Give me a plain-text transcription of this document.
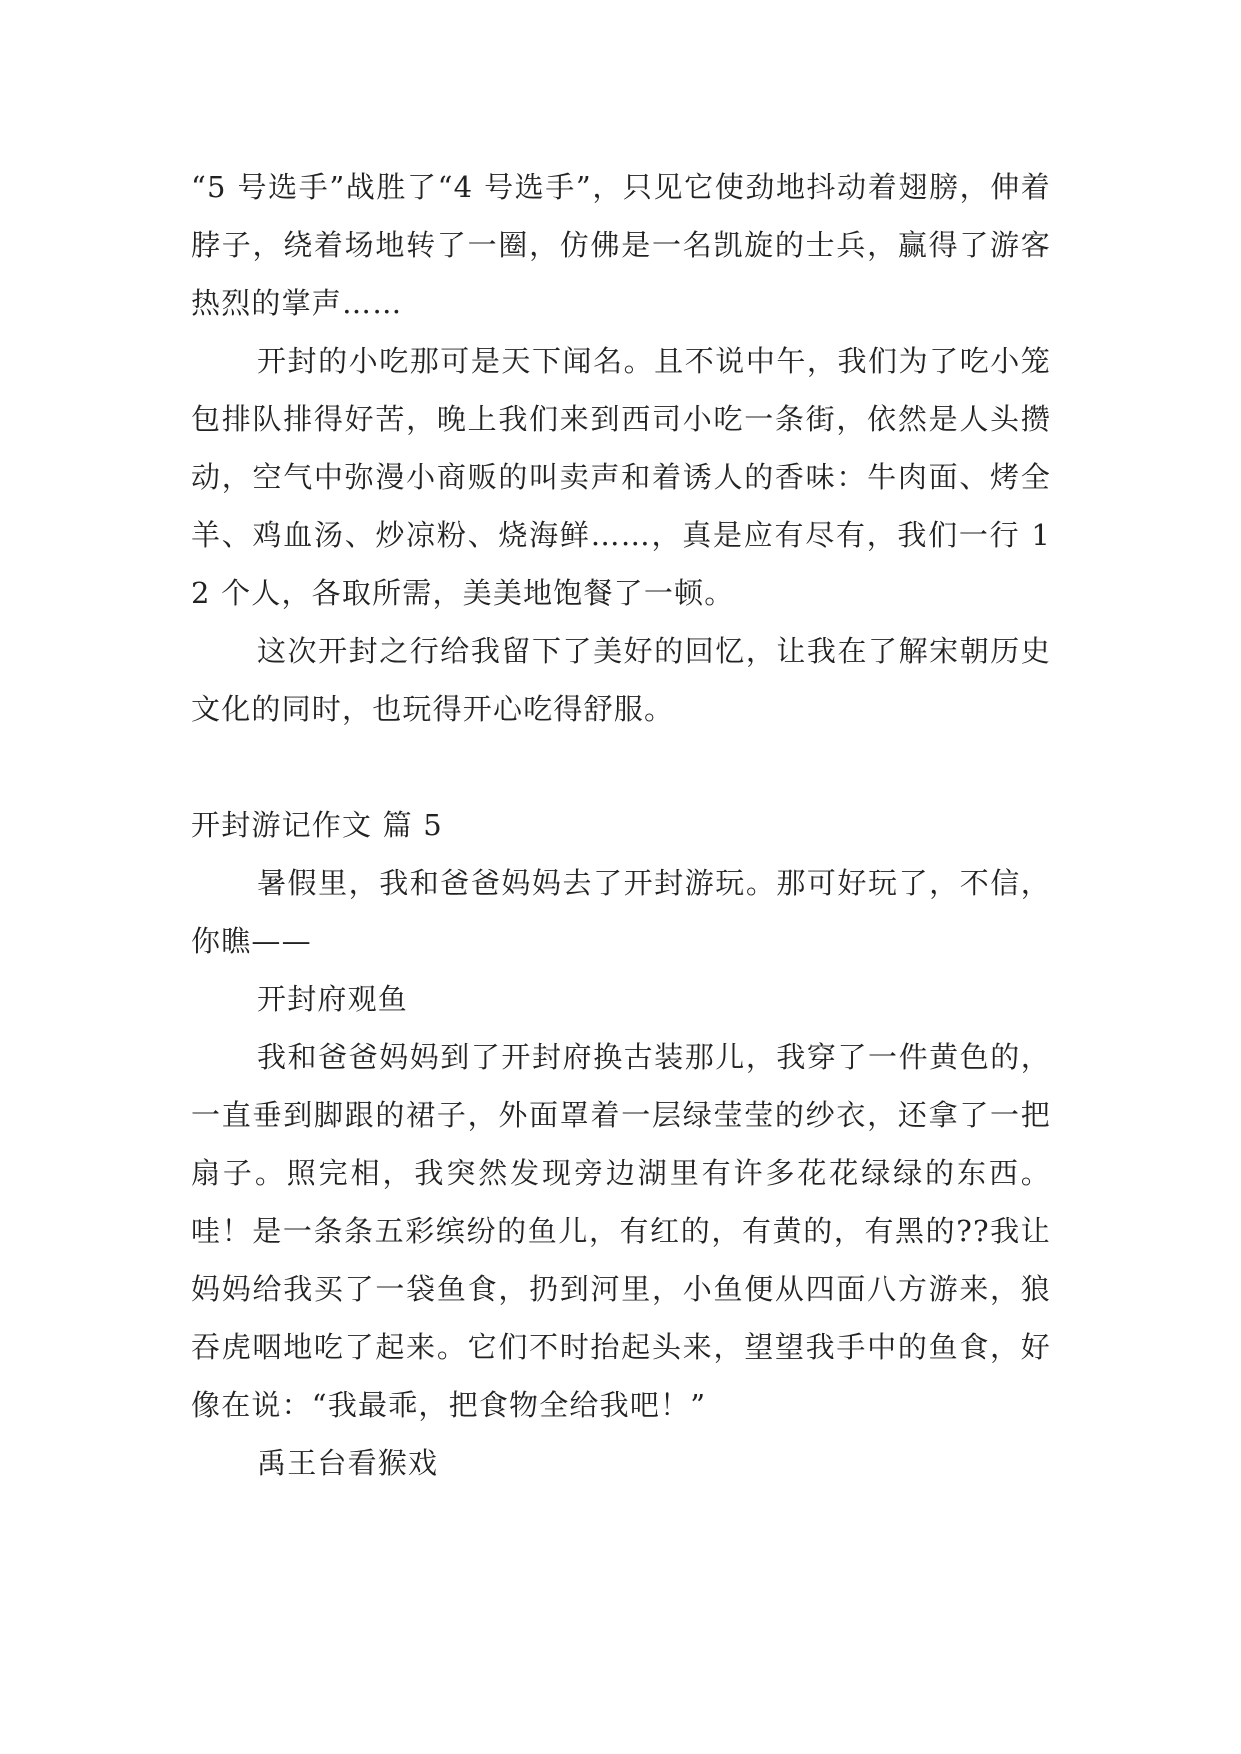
“5 号选手”战胜了“4 号选手”，只见它使劲地抖动着翅膀，伸着脖子，绕着场地转了一圈，仿佛是一名凯旋的士兵，赢得了游客热烈的掌声……

开封的小吃那可是天下闻名。且不说中午，我们为了吃小笼包排队排得好苦，晚上我们来到西司小吃一条街，依然是人头攒动，空气中弥漫小商贩的叫卖声和着诱人的香味：牛肉面、烤全羊、鸡血汤、炒凉粉、烧海鲜……，真是应有尽有，我们一行 12 个人，各取所需，美美地饱餐了一顿。

这次开封之行给我留下了美好的回忆，让我在了解宋朝历史文化的同时，也玩得开心吃得舒服。

开封游记作文 篇 5

暑假里，我和爸爸妈妈去了开封游玩。那可好玩了，不信，你瞧——

开封府观鱼

我和爸爸妈妈到了开封府换古装那儿，我穿了一件黄色的，一直垂到脚跟的裙子，外面罩着一层绿莹莹的纱衣，还拿了一把扇子。照完相，我突然发现旁边湖里有许多花花绿绿的东西。哇！是一条条五彩缤纷的鱼儿，有红的，有黄的，有黑的??我让妈妈给我买了一袋鱼食，扔到河里，小鱼便从四面八方游来，狼吞虎咽地吃了起来。它们不时抬起头来，望望我手中的鱼食，好像在说：“我最乖，把食物全给我吧！”

禹王台看猴戏
